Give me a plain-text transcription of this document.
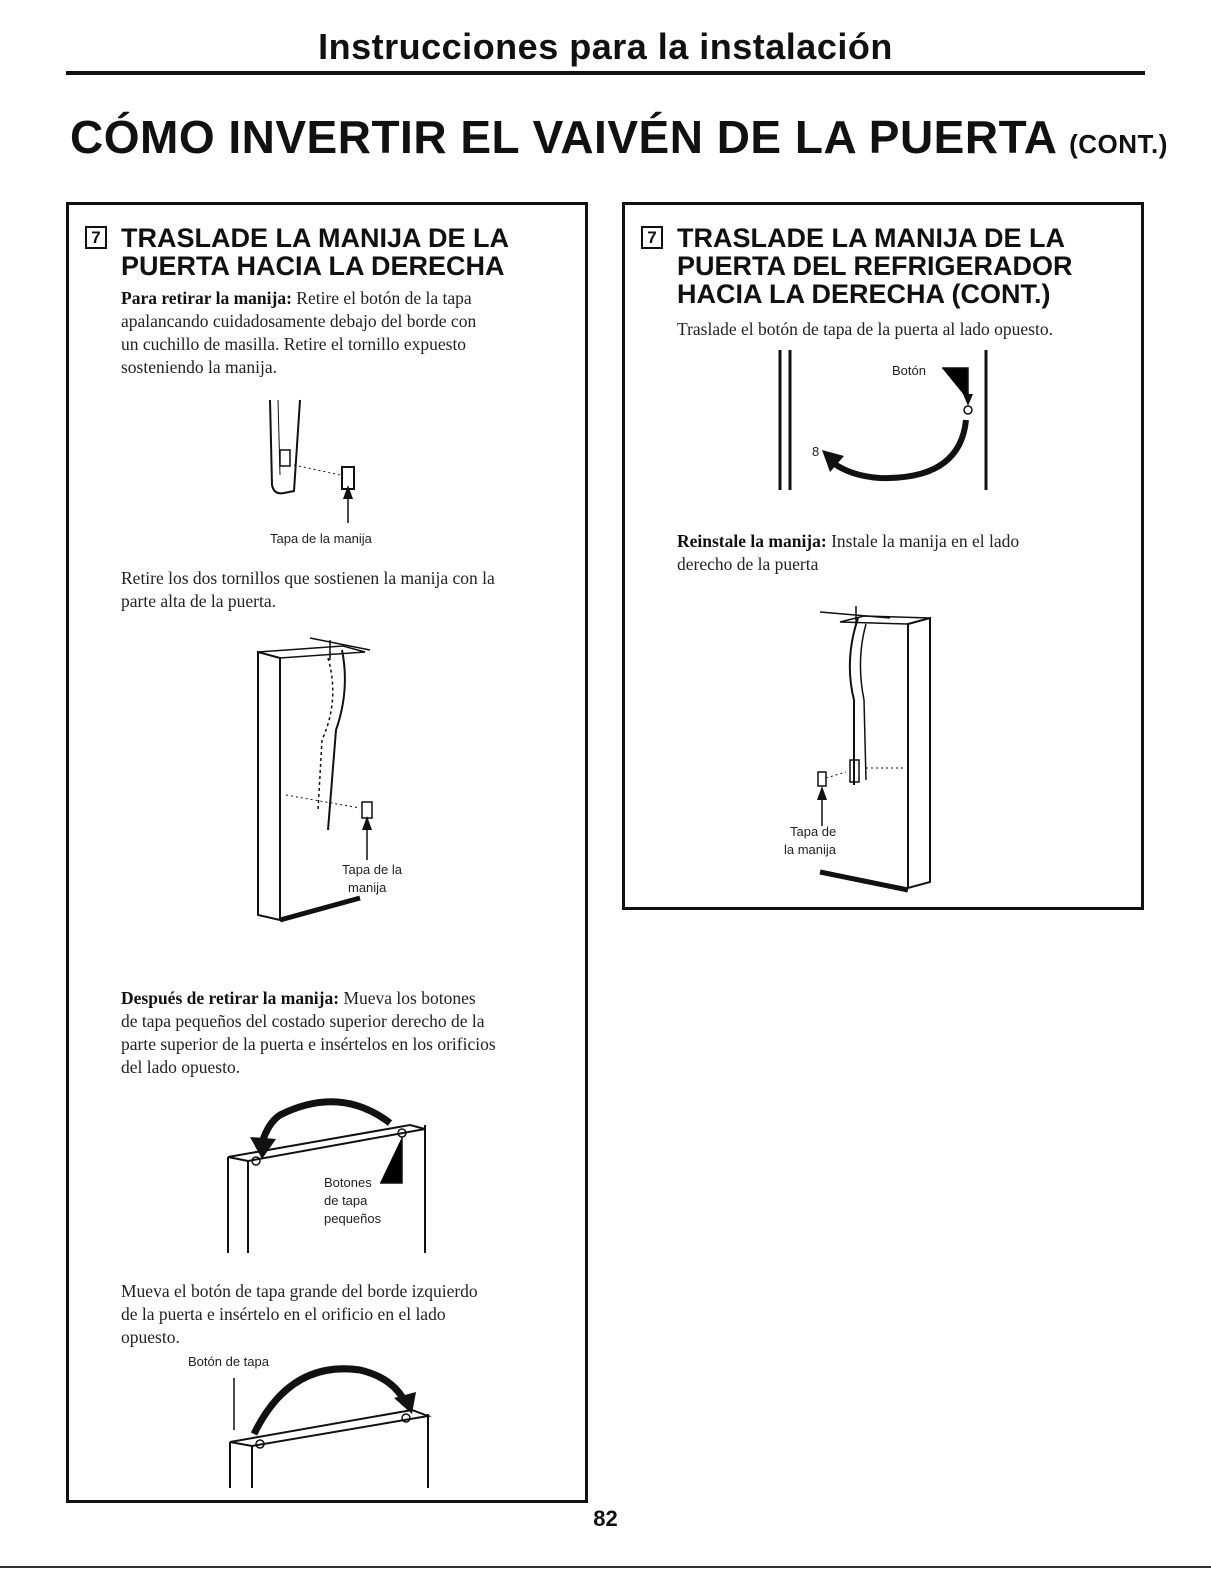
Instrucciones para la instalación
CÓMO INVERTIR EL VAIVÉN DE LA PUERTA (CONT.)
7 TRASLADE LA MANIJA DE LA
PUERTA HACIA LA DERECHA
Para retirar la manija: Retire el botón de la tapa
apalancando cuidadosamente debajo del borde con
un cuchillo de masilla. Retire el tornillo expuesto
sosteniendo la manija.
Tapa de la manija
Retire los dos tornillos que sostienen la manija con la
parte alta de la puerta.
Tapa de la
manija
Después de retirar la manija: Mueva los botones
de tapa pequeños del costado superior derecho de la
parte superior de la puerta e insértelos en los orificios
del lado opuesto.
Botones
de tapa
pequeños
Mueva el botón de tapa grande del borde izquierdo
de la puerta e insértelo en el orificio en el lado
opuesto.
Botón de tapa
7 TRASLADE LA MANIJA DE LA
PUERTA DEL REFRIGERADOR
HACIA LA DERECHA (CONT.)
Traslade el botón de tapa de la puerta al lado opuesto.
Botón
8
Reinstale la manija: Instale la manija en el lado
derecho de la puerta
Tapa de
la manija
82
